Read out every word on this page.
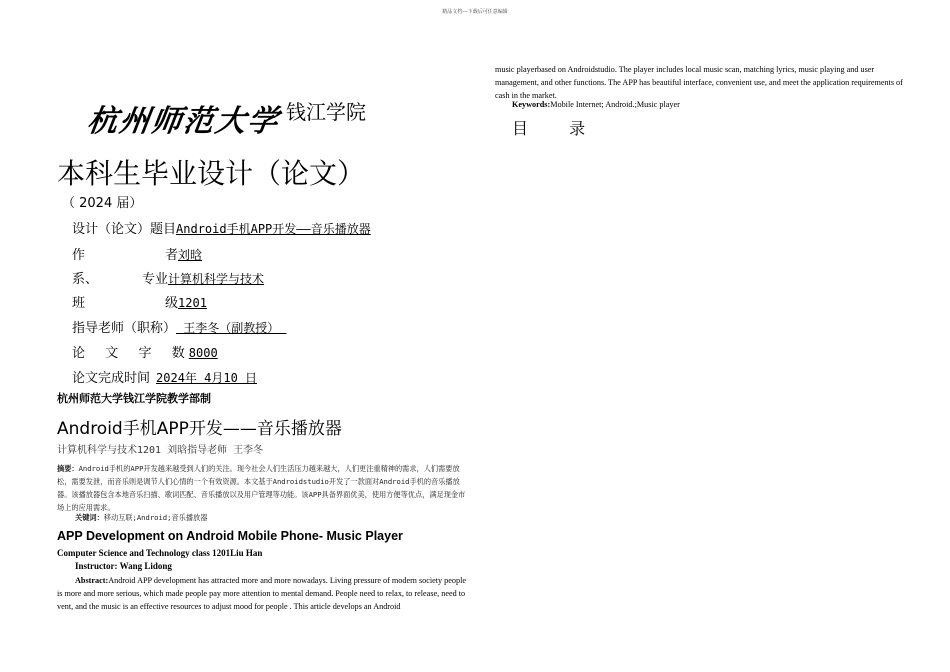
精品文档---下载后可任意编辑
杭州师范大学 钱江学院
本科生毕业设计（论文）
（ 2024 届）
设计（论文）题目Android手机APP开发——音乐播放器
作	者刘晗
系、	专业计算机科学与技术
班	级1201
指导老师（职称） 王李冬（副教授）
论  文  字  数8000
论文完成时间 2024年 4月10 日
杭州师范大学钱江学院教学部制
Android手机APP开发——音乐播放器
计算机科学与技术1201 刘晗指导老师 王李冬
摘要：Android手机的APP开发越来越受到人们的关注。现今社会人们生活压力越来越大，人们更注重精神的需求，人们需要放松，需要发泄，而音乐则是调节人们心情的一个有效资源。本文基于Androidstudio开发了一款面对Android手机的音乐播放器。该播放器包含本地音乐扫描、歌词匹配、音乐播放以及用户管理等功能。该APP具备界面优美，使用方便等优点，满足现金市场上的应用需求。
关键词：移动互联;Android;音乐播放器
APP Development on Android Mobile Phone- Music Player
Computer Science and Technology class 1201Liu Han
Instructor: Wang Lidong
Abstract:Android APP development has attracted more and more nowadays. Living pressure of modern society people is more and more serious, which made people pay more attention to mental demand. People need to relax, to release, need to vent, and the music is an effective resources to adjust mood for people . This article develops an Android
music playerbased on Androidstudio. The player includes local music scan, matching lyrics, music playing and user management, and other functions. The APP has beautiful interface, convenient use, and meet the application requirements of cash in the market.
Keywords:Mobile Internet; Android.;Music player
目 录
